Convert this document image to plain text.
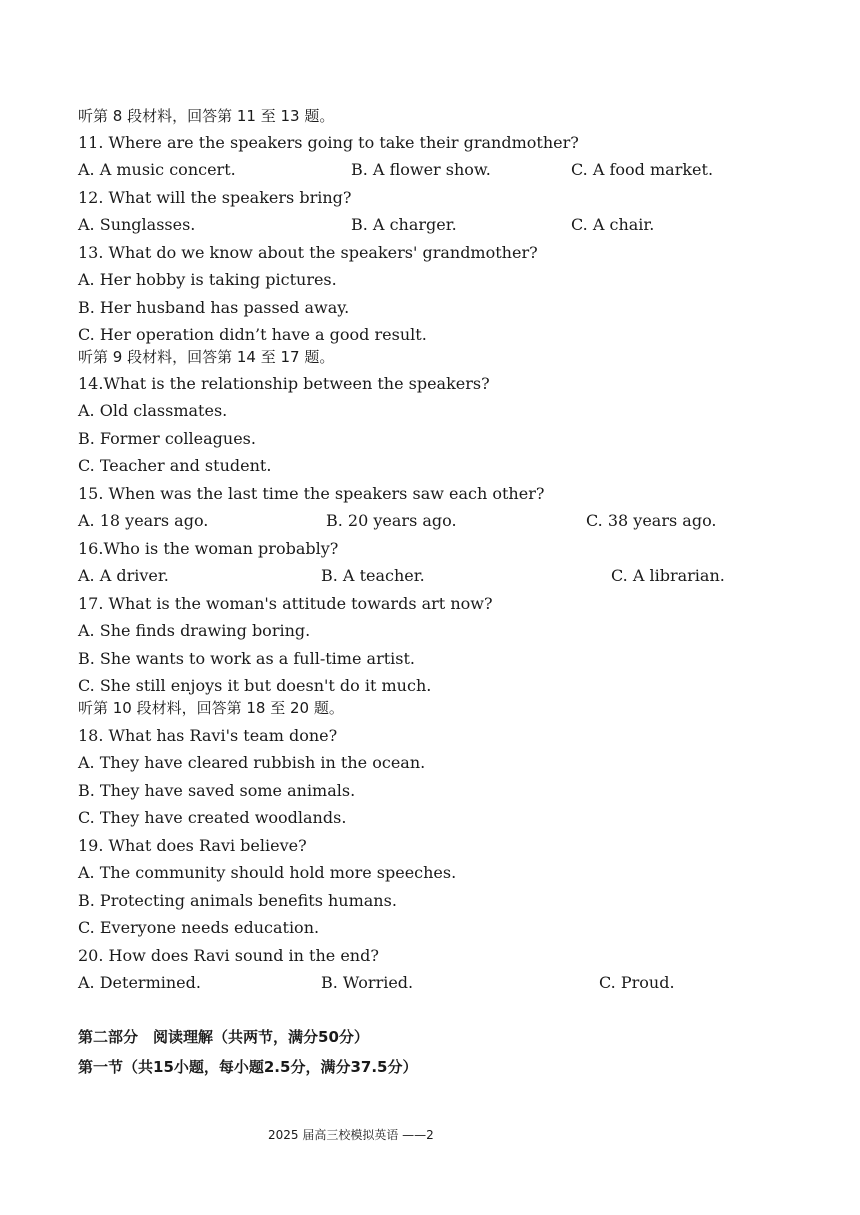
听第 8 段材料，回答第 11 至 13 题。
11. Where are the speakers going to take their grandmother?
A. A music concert.	B. A flower show.	C. A food market.
12. What will the speakers bring?
A. Sunglasses.	B. A charger.	C. A chair.
13. What do we know about the speakers' grandmother?
A. Her hobby is taking pictures.
B. Her husband has passed away.
C. Her operation didn’t have a good result.
听第 9 段材料，回答第 14 至 17 题。
14.What is the relationship between the speakers?
A. Old classmates.
B. Former colleagues.
C. Teacher and student.
15. When was the last time the speakers saw each other?
A. 18 years ago.	B. 20 years ago.	C. 38 years ago.
16.Who is the woman probably?
A. A driver.	B. A teacher.	C. A librarian.
17. What is the woman's attitude towards art now?
A. She finds drawing boring.
B. She wants to work as a full-time artist.
C. She still enjoys it but doesn't do it much.
听第 10 段材料，回答第 18 至 20 题。
18. What has Ravi's team done?
A. They have cleared rubbish in the ocean.
B. They have saved some animals.
C. They have created woodlands.
19. What does Ravi believe?
A. The community should hold more speeches.
B. Protecting animals benefits humans.
C. Everyone needs education.
20. How does Ravi sound in the end?
A. Determined.	B. Worried.	C. Proud.
第二部分　阅读理解（共两节，满分50分）
第一节（共15小题，每小题2.5分，满分37.5分）
2025 届高三校模拟英语 ——2
